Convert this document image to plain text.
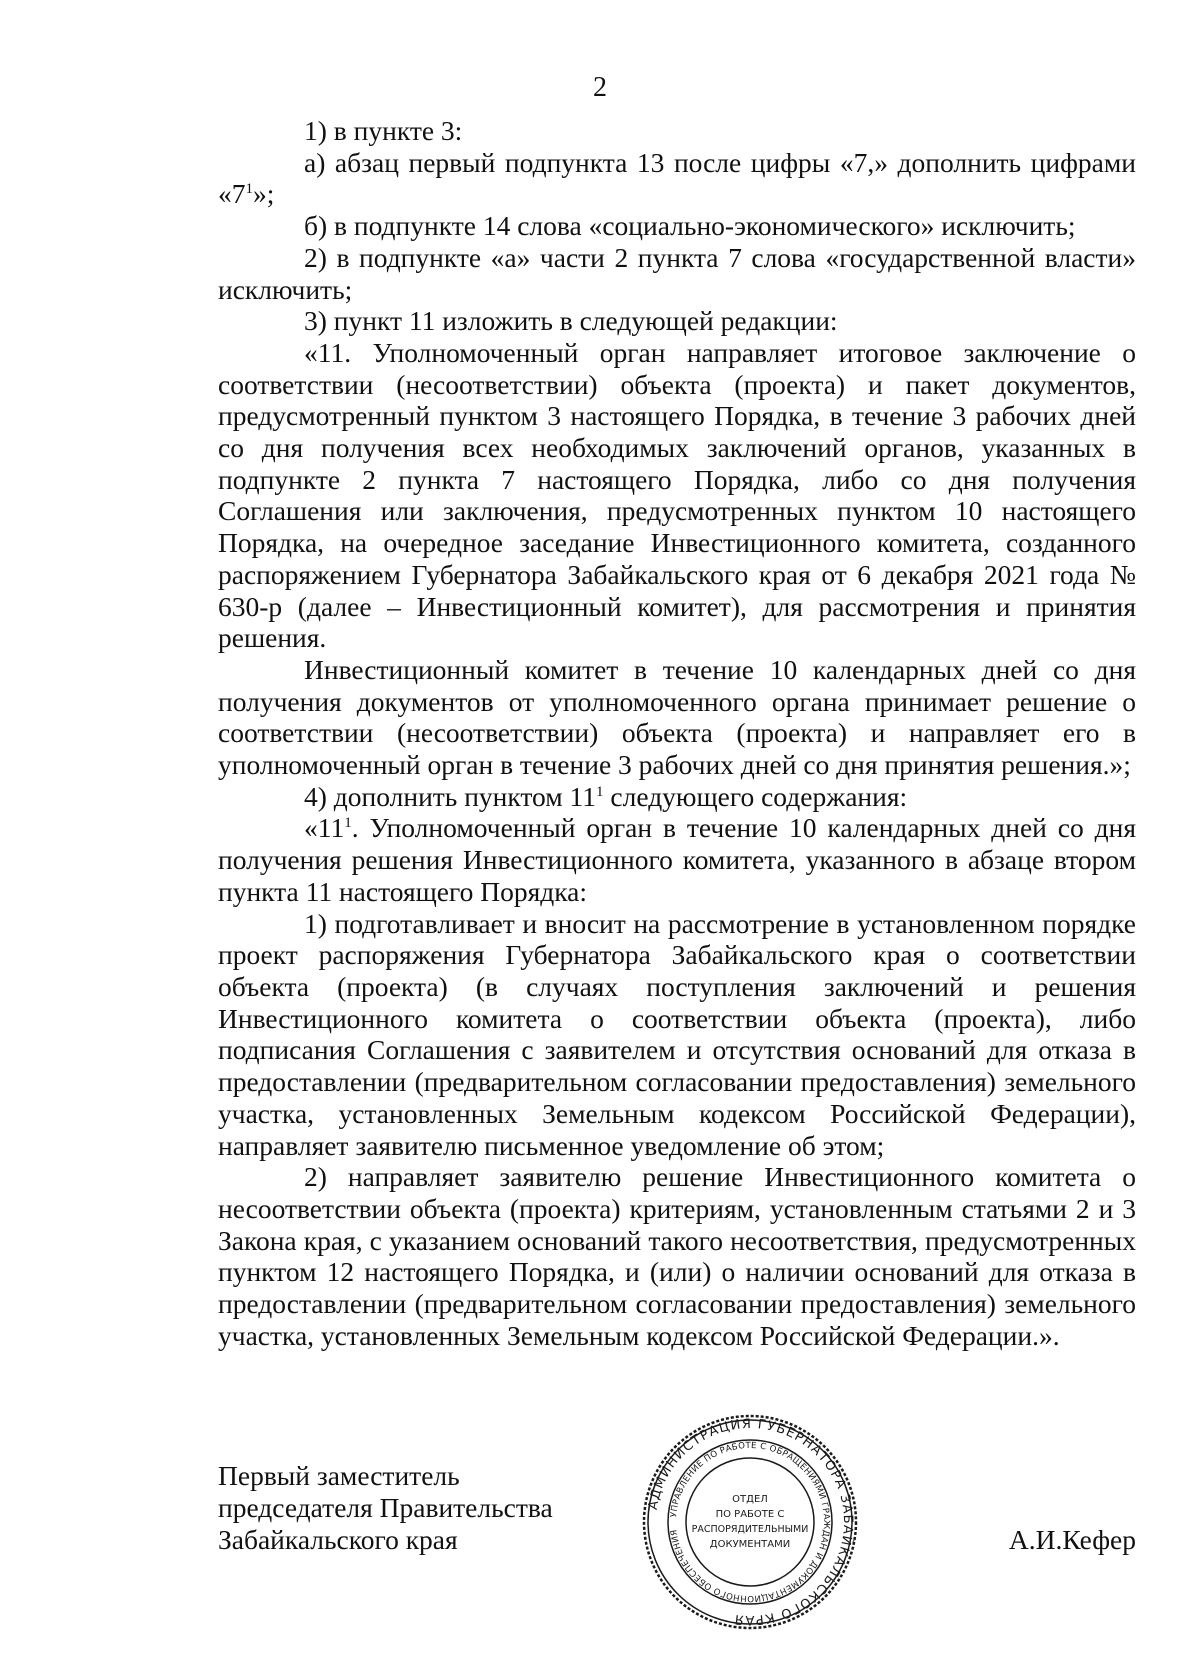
2

1) в пункте 3:

а) абзац первый подпункта 13 после цифры «7,» дополнить цифрами «$7^1$»;

б) в подпункте 14 слова «социально-экономического» исключить;

2) в подпункте «а» части 2 пункта 7 слова «государственной власти» исключить;

3) пункт 11 изложить в следующей редакции:

«11. Уполномоченный орган направляет итоговое заключение о соответствии (несоответствии) объекта (проекта) и пакет документов, предусмотренный пунктом 3 настоящего Порядка, в течение 3 рабочих дней со дня получения всех необходимых заключений органов, указанных в подпункте 2 пункта 7 настоящего Порядка, либо со дня получения Соглашения или заключения, предусмотренных пунктом 10 настоящего Порядка, на очередное заседание Инвестиционного комитета, созданного распоряжением Губернатора Забайкальского края от 6 декабря 2021 года № 630-р (далее – Инвестиционный комитет), для рассмотрения и принятия решения.

Инвестиционный комитет в течение 10 календарных дней со дня получения документов от уполномоченного органа принимает решение о соответствии (несоответствии) объекта (проекта) и направляет его в уполномоченный орган в течение 3 рабочих дней со дня принятия решения.»;

4) дополнить пунктом $11^1$ следующего содержания:

«$11^1$. Уполномоченный орган в течение 10 календарных дней со дня получения решения Инвестиционного комитета, указанного в абзаце втором пункта 11 настоящего Порядка:

1) подготавливает и вносит на рассмотрение в установленном порядке проект распоряжения Губернатора Забайкальского края о соответствии объекта (проекта) (в случаях поступления заключений и решения Инвестиционного комитета о соответствии объекта (проекта), либо подписания Соглашения с заявителем и отсутствия оснований для отказа в предоставлении (предварительном согласовании предоставления) земельного участка, установленных Земельным кодексом Российской Федерации), направляет заявителю письменное уведомление об этом;

2) направляет заявителю решение Инвестиционного комитета о несоответствии объекта (проекта) критериям, установленным статьями 2 и 3 Закона края, с указанием оснований такого несоответствия, предусмотренных пунктом 12 настоящего Порядка, и (или) о наличии оснований для отказа в предоставлении (предварительном согласовании предоставления) земельного участка, установленных Земельным кодексом Российской Федерации.».

Первый заместитель
председателя Правительства
Забайкальского края	А.И.Кефер
АДМИНИСТРАЦИЯ ГУБЕРНАТОРА ЗАБАЙКАЛЬСКОГО КРАЯ
УПРАВЛЕНИЕ ПО РАБОТЕ С ОБРАЩЕНИЯМИ ГРАЖДАН И ДОКУМЕНТАЦИОННОГО ОБЕСПЕЧЕНИЯ
ОТДЕЛ
ПО РАБОТЕ С
РАСПОРЯДИТЕЛЬНЫМИ
ДОКУМЕНТАМИ
